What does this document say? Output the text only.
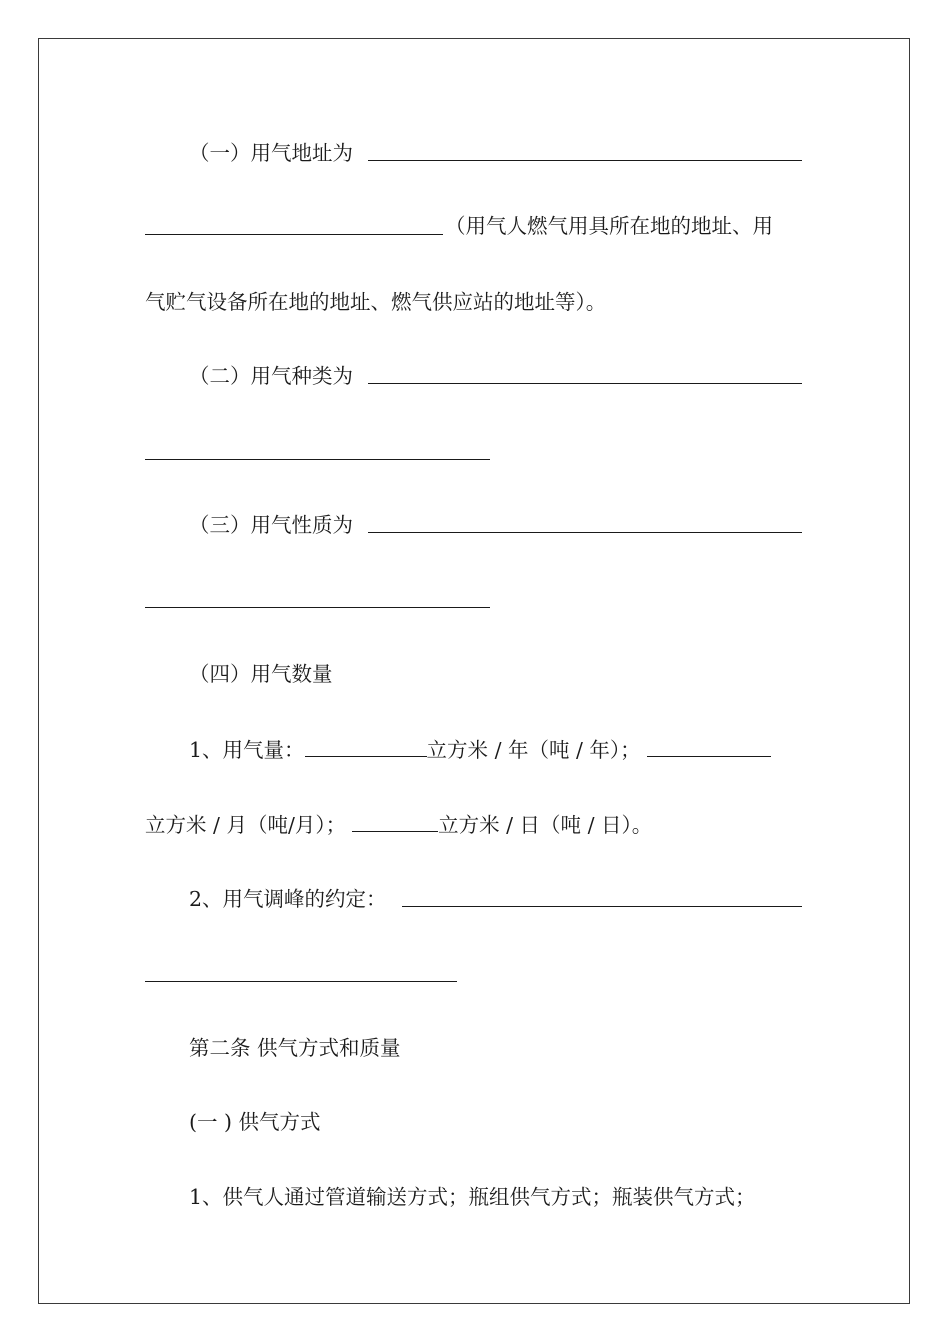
（一）用气地址为
（用气人燃气用具所在地的地址、用
气贮气设备所在地的地址、燃气供应站的地址等）。
（二）用气种类为
（三）用气性质为
（四）用气数量
1、用气量：	立方米 / 年（吨 / 年）；
立方米 / 月（吨/月）；	立方米 / 日（吨 / 日）。
2、用气调峰的约定：
第二条 供气方式和质量
(一 ) 供气方式
1、供气人通过管道输送方式；瓶组供气方式；瓶装供气方式；
